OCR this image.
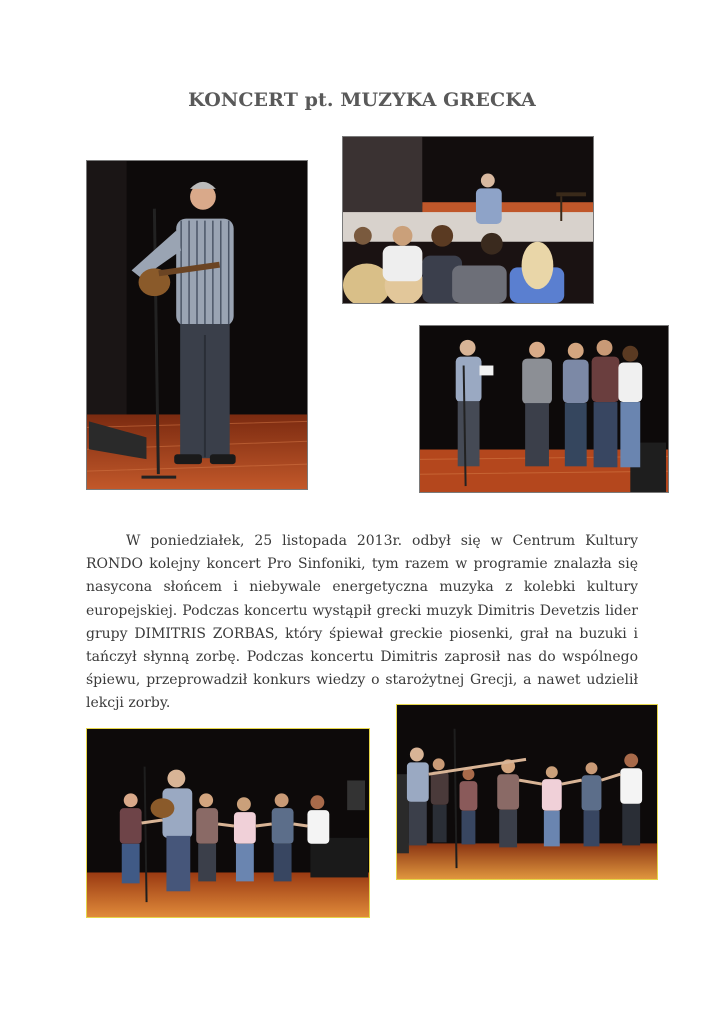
KONCERT pt. MUZYKA GRECKA

W poniedziałek, 25 listopada 2013r. odbył się w Centrum Kultury RONDO kolejny koncert Pro Sinfoniki, tym razem w programie znalazła się nasycona słońcem i niebywale energetyczna muzyka z kolebki kultury europejskiej. Podczas koncertu wystąpił grecki muzyk Dimitris Devetzis lider grupy DIMITRIS ZORBAS, który śpiewał greckie piosenki, grał na buzuki i tańczył słynną zorbę. Podczas koncertu Dimitris zaprosił nas do wspólnego śpiewu, przeprowadził konkurs wiedzy o starożytnej Grecji, a nawet udzielił lekcji zorby.
